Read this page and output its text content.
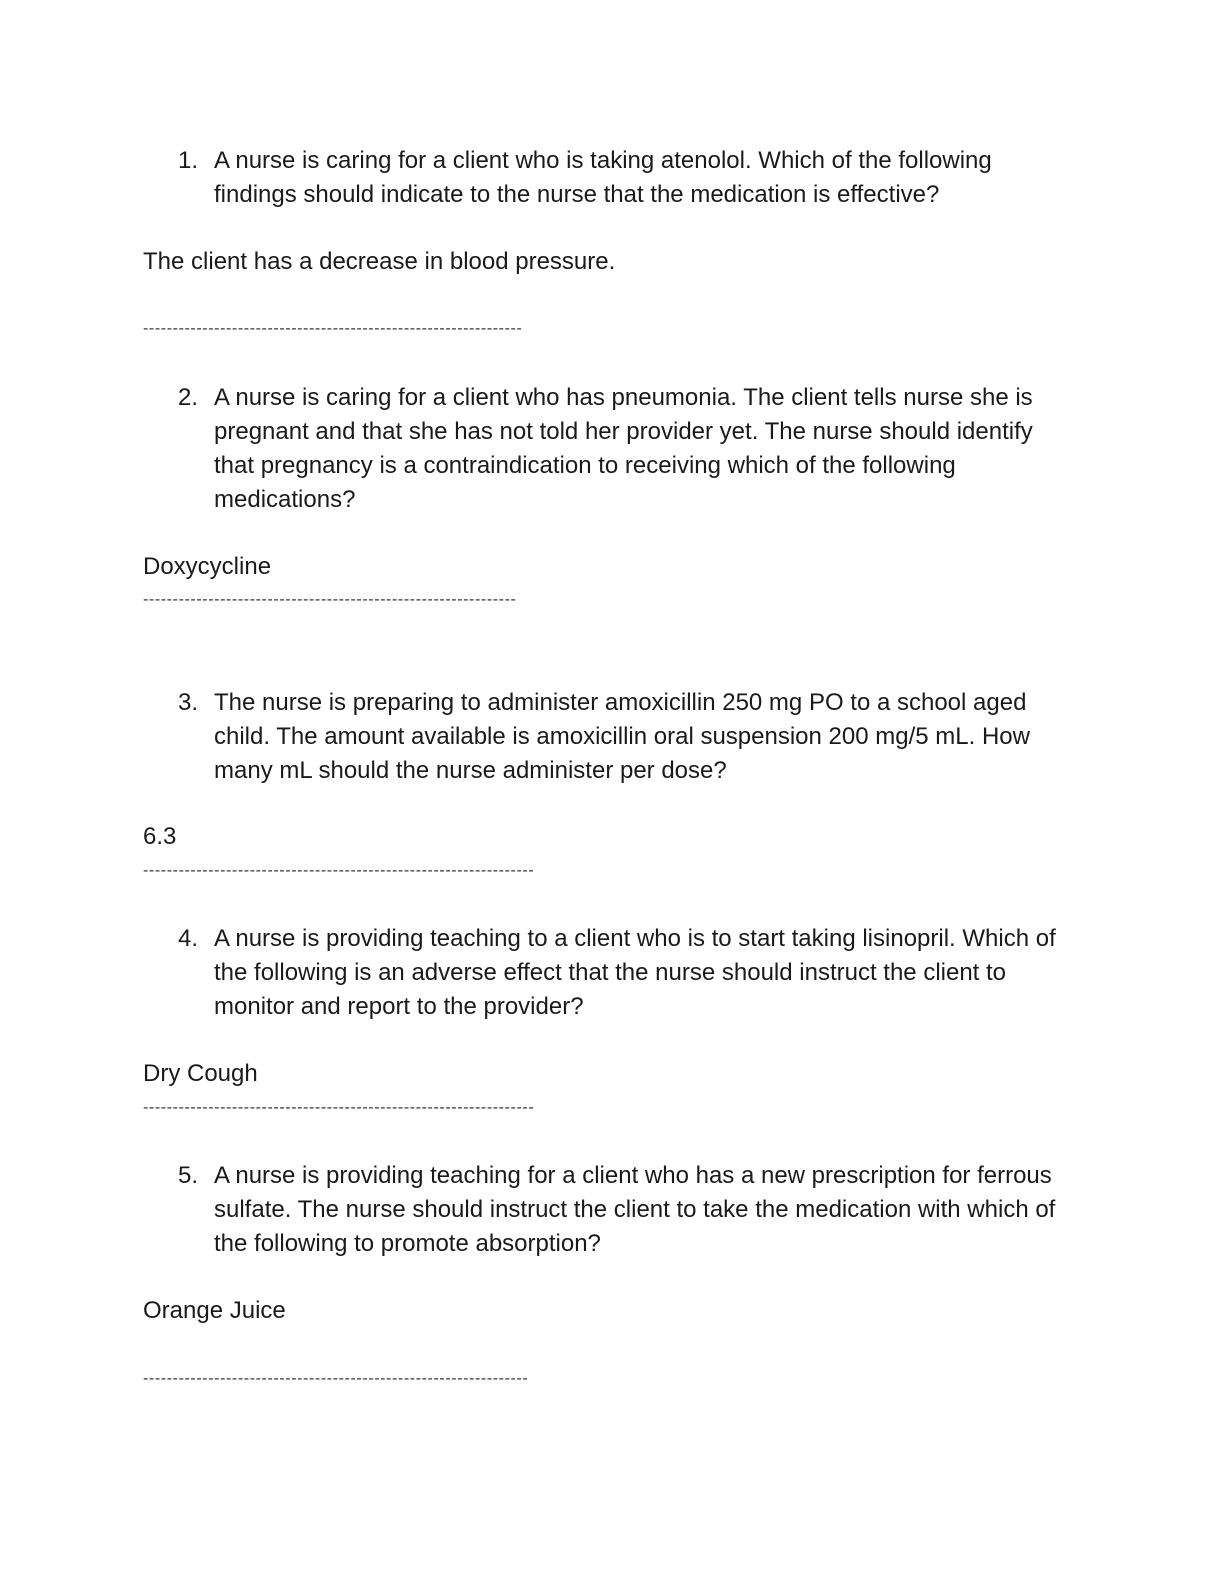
1. A nurse is caring for a client who is taking atenolol. Which of the following findings should indicate to the nurse that the medication is effective?
The client has a decrease in blood pressure.
----------------------------------------------------------------
2. A nurse is caring for a client who has pneumonia. The client tells nurse she is pregnant and that she has not told her provider yet. The nurse should identify that pregnancy is a contraindication to receiving which of the following medications?
Doxycycline
---------------------------------------------------------------
3. The nurse is preparing to administer amoxicillin 250 mg PO to a school aged child. The amount available is amoxicillin oral suspension 200 mg/5 mL. How many mL should the nurse administer per dose?
6.3
------------------------------------------------------------------
4. A nurse is providing teaching to a client who is to start taking lisinopril. Which of the following is an adverse effect that the nurse should instruct the client to monitor and report to the provider?
Dry Cough
------------------------------------------------------------------
5. A nurse is providing teaching for a client who has a new prescription for ferrous sulfate. The nurse should instruct the client to take the medication with which of the following to promote absorption?
Orange Juice
-----------------------------------------------------------------
